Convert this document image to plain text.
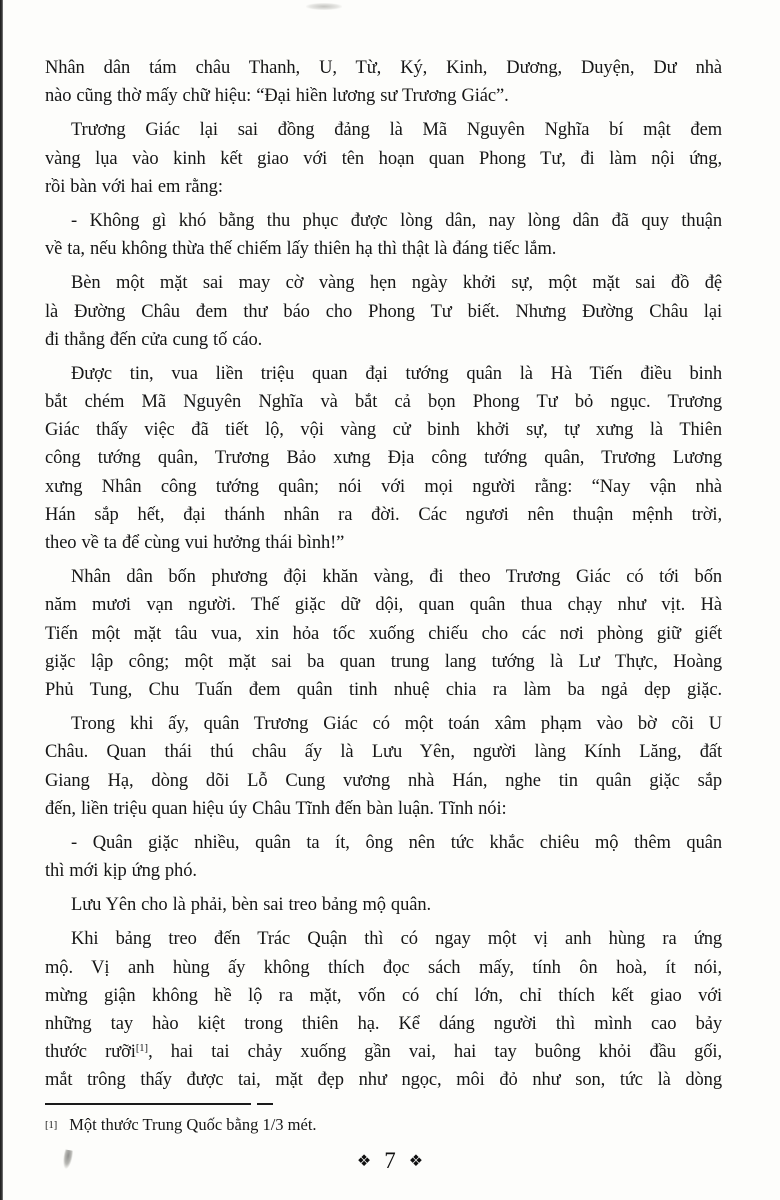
Nhân dân tám châu Thanh, U, Từ, Ký, Kinh, Dương, Duyện, Dư nhà
nào cũng thờ mấy chữ hiệu: “Đại hiền lương sư Trương Giác”.
Trương Giác lại sai đồng đảng là Mã Nguyên Nghĩa bí mật đem
vàng lụa vào kinh kết giao với tên hoạn quan Phong Tư, đi làm nội ứng,
rồi bàn với hai em rằng:
- Không gì khó bằng thu phục được lòng dân, nay lòng dân đã quy thuận
về ta, nếu không thừa thế chiếm lấy thiên hạ thì thật là đáng tiếc lắm.
Bèn một mặt sai may cờ vàng hẹn ngày khởi sự, một mặt sai đồ đệ
là Đường Châu đem thư báo cho Phong Tư biết. Nhưng Đường Châu lại
đi thẳng đến cửa cung tố cáo.
Được tin, vua liền triệu quan đại tướng quân là Hà Tiến điều binh
bắt chém Mã Nguyên Nghĩa và bắt cả bọn Phong Tư bỏ ngục. Trương
Giác thấy việc đã tiết lộ, vội vàng cử binh khởi sự, tự xưng là Thiên
công tướng quân, Trương Bảo xưng Địa công tướng quân, Trương Lương
xưng Nhân công tướng quân; nói với mọi người rằng: “Nay vận nhà
Hán sắp hết, đại thánh nhân ra đời. Các ngươi nên thuận mệnh trời,
theo về ta để cùng vui hưởng thái bình!”
Nhân dân bốn phương đội khăn vàng, đi theo Trương Giác có tới bốn
năm mươi vạn người. Thế giặc dữ dội, quan quân thua chạy như vịt. Hà
Tiến một mặt tâu vua, xin hỏa tốc xuống chiếu cho các nơi phòng giữ giết
giặc lập công; một mặt sai ba quan trung lang tướng là Lư Thực, Hoàng
Phủ Tung, Chu Tuấn đem quân tinh nhuệ chia ra làm ba ngả dẹp giặc.
Trong khi ấy, quân Trương Giác có một toán xâm phạm vào bờ cõi U
Châu. Quan thái thú châu ấy là Lưu Yên, người làng Kính Lăng, đất
Giang Hạ, dòng dõi Lỗ Cung vương nhà Hán, nghe tin quân giặc sắp
đến, liền triệu quan hiệu úy Châu Tĩnh đến bàn luận. Tĩnh nói:
- Quân giặc nhiều, quân ta ít, ông nên tức khắc chiêu mộ thêm quân
thì mới kịp ứng phó.
Lưu Yên cho là phải, bèn sai treo bảng mộ quân.
Khi bảng treo đến Trác Quận thì có ngay một vị anh hùng ra ứng
mộ. Vị anh hùng ấy không thích đọc sách mấy, tính ôn hoà, ít nói,
mừng giận không hề lộ ra mặt, vốn có chí lớn, chỉ thích kết giao với
những tay hào kiệt trong thiên hạ. Kể dáng người thì mình cao bảy
thước rưỡi[1], hai tai chảy xuống gần vai, hai tay buông khỏi đầu gối,
mắt trông thấy được tai, mặt đẹp như ngọc, môi đỏ như son, tức là dòng
[1] Một thước Trung Quốc bằng 1/3 mét.
❖ 7 ❖
